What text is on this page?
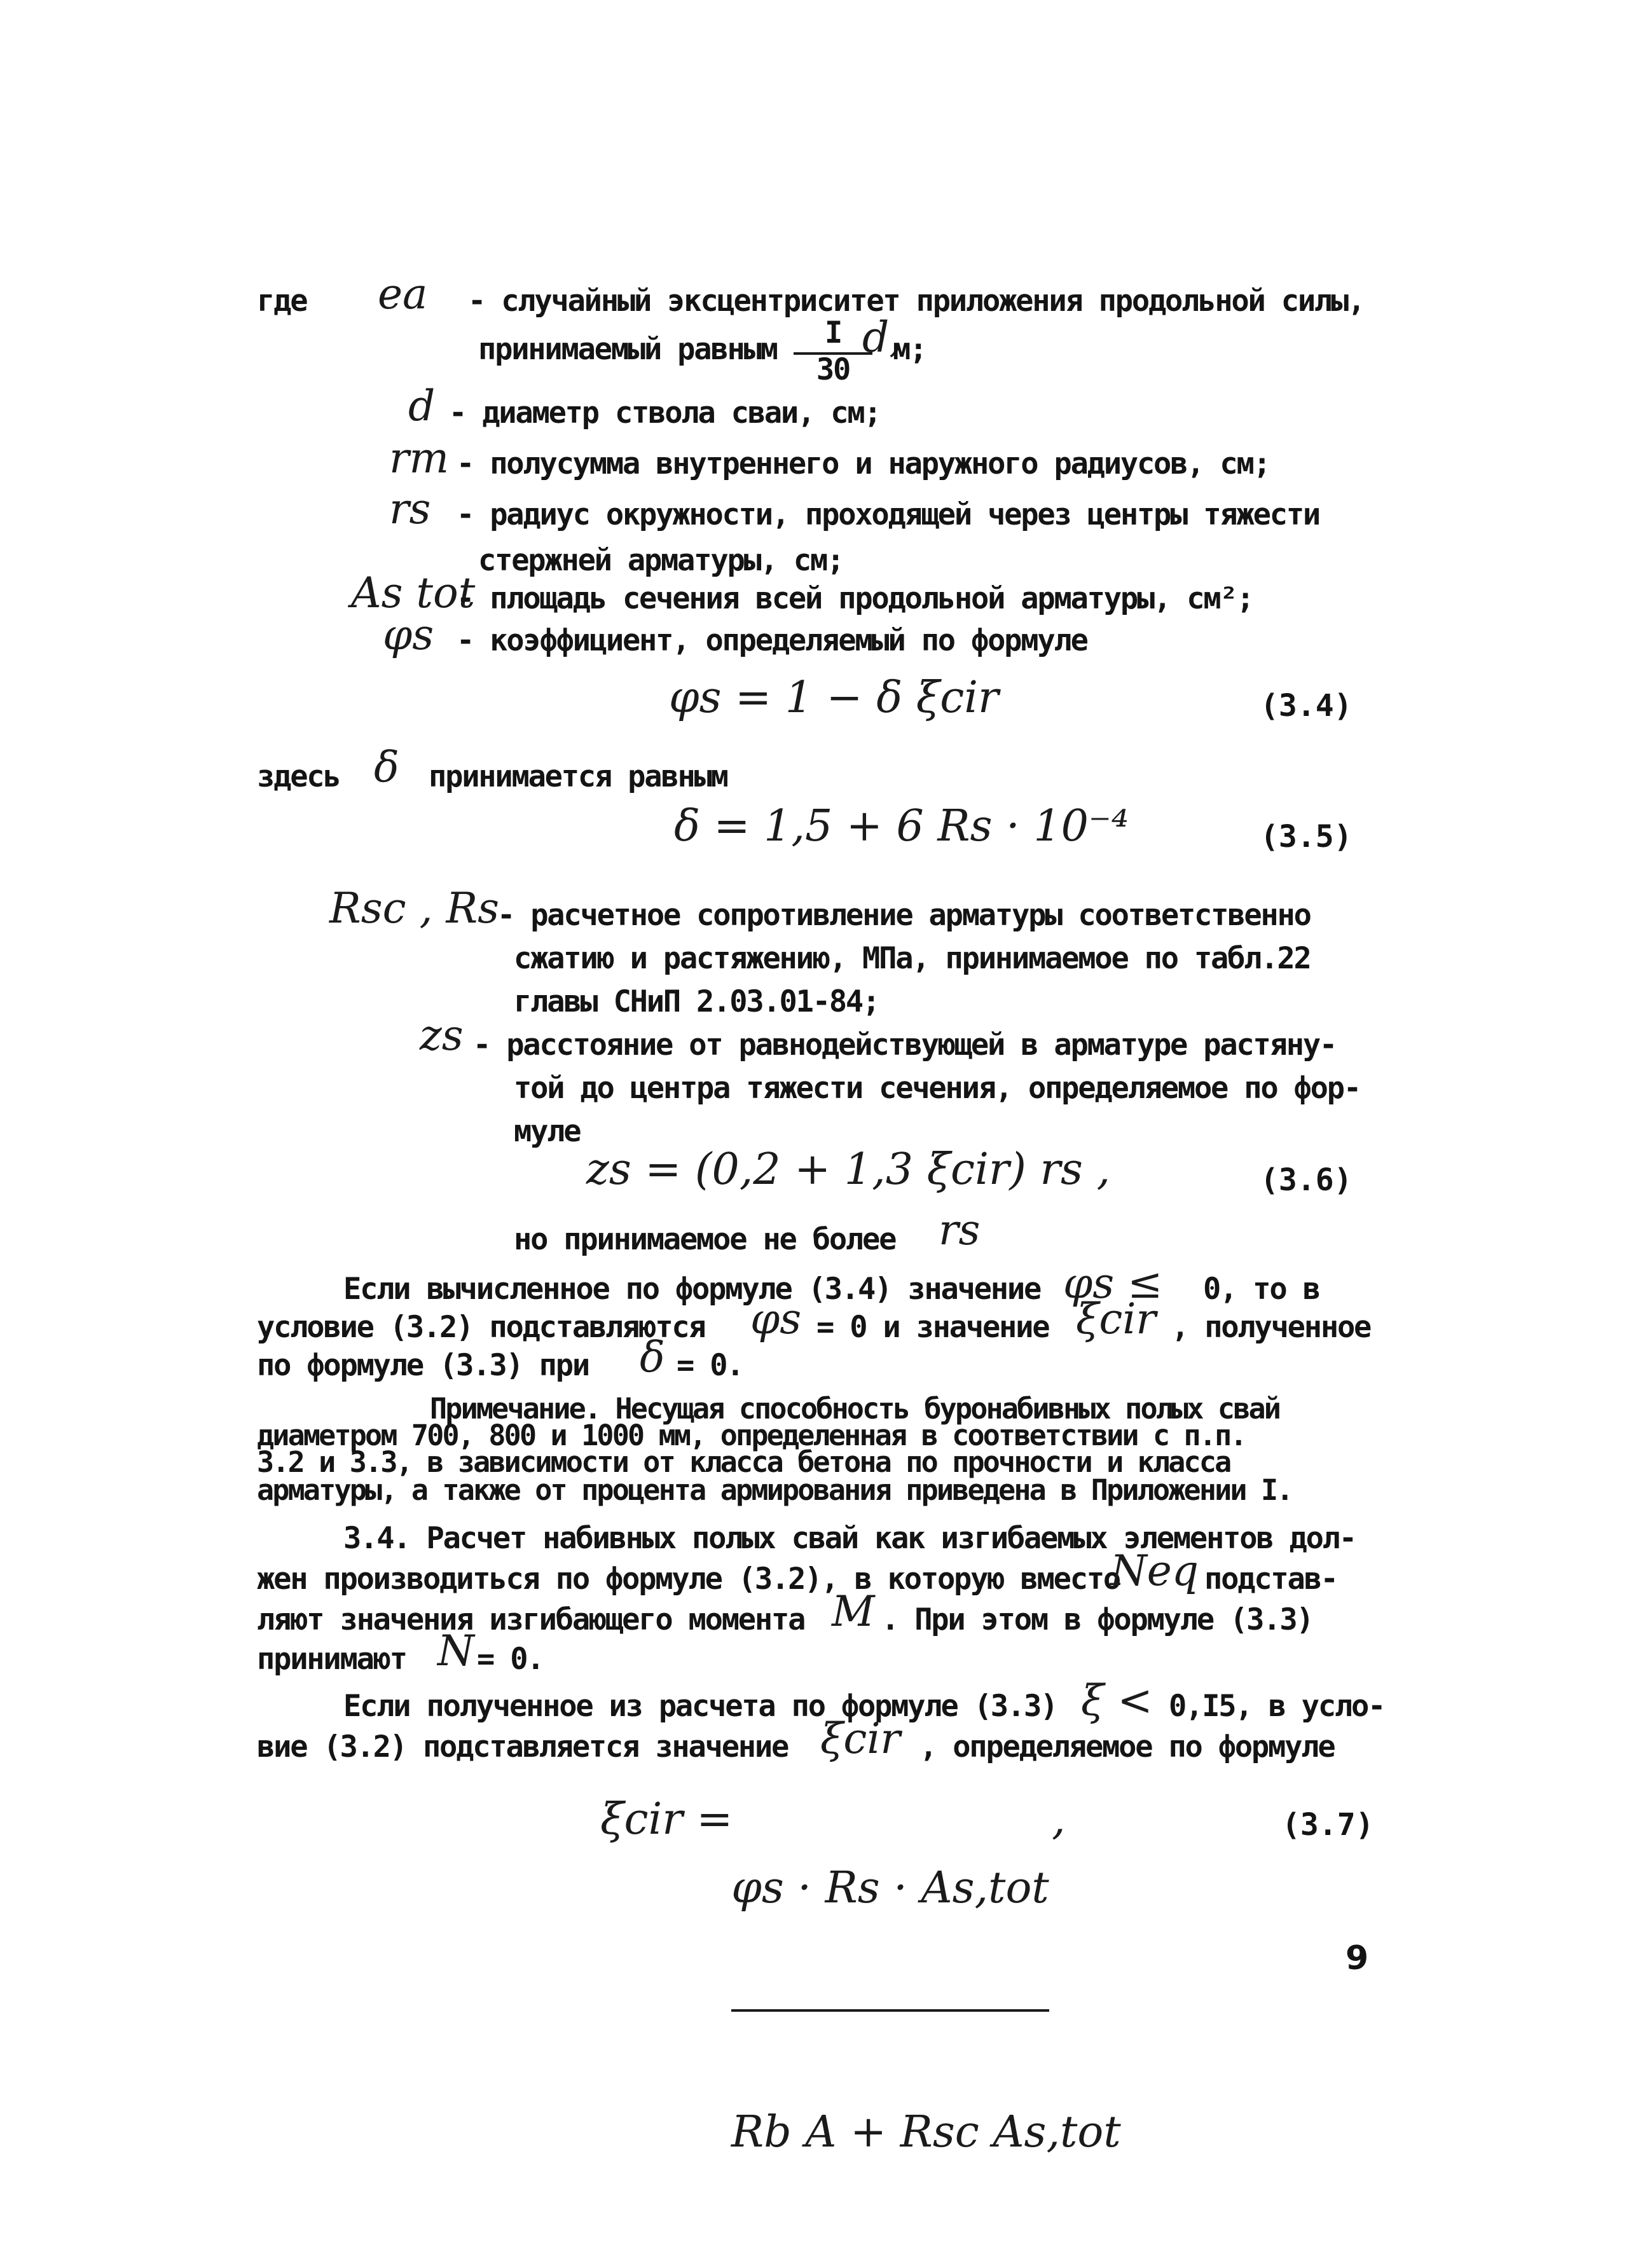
где ea - случайный эксцентриситет приложения продольной силы,

принимаемый равным	I
30

d,

м;

d - диаметр ствола сваи, см;

rm - полусумма внутреннего и наружного радиусов, см;

rs - радиус окружности, проходящей через центры тяжести

стержней арматуры, см;

As tot

- площадь сечения всей продольной арматуры, см²;

φs - коэффициент, определяемый по формуле

φs = 1 − δ ξcir	(3.4)

здесь δ принимается равным

δ = 1,5 + 6 Rs · 10⁻⁴	(3.5)

Rsc , Rs

- расчетное сопротивление арматуры соответственно

сжатию и растяжению, МПа, принимаемое по табл.22

главы СНиП 2.03.01-84;

zs - расстояние от равнодействующей в арматуре растяну-

той до центра тяжести сечения, определяемое по фор-

муле

zs = (0,2 + 1,3 ξcir) rs ,	(3.6)

но принимаемое не более rs

Если вычисленное по формуле (3.4) значение φs ≤ 0, то в

условие (3.2) подставляются φs = 0 и значение ξcir , полученное

по формуле (3.3) при δ = 0.

Примечание. Несущая способность буронабивных полых свай

диаметром 700, 800 и 1000 мм, определенная в соответствии с п.п.

3.2 и 3.3, в зависимости от класса бетона по прочности и класса

арматуры, а также от процента армирования приведена в Приложении I.

3.4. Расчет набивных полых свай как изгибаемых элементов дол-

жен производиться по формуле (3.2), в которую вместо

Neq подстав-

ляют значения изгибающего момента M . При этом в формуле (3.3)

принимают N = 0.

Если полученное из расчета по формуле (3.3) ξ < 0,I5, в усло-

вие (3.2) подставляется значение ξcir , определяемое по формуле

ξcir =

φs · Rs · As,tot

Rb A + Rsc As,tot

,	(3.7)

9
